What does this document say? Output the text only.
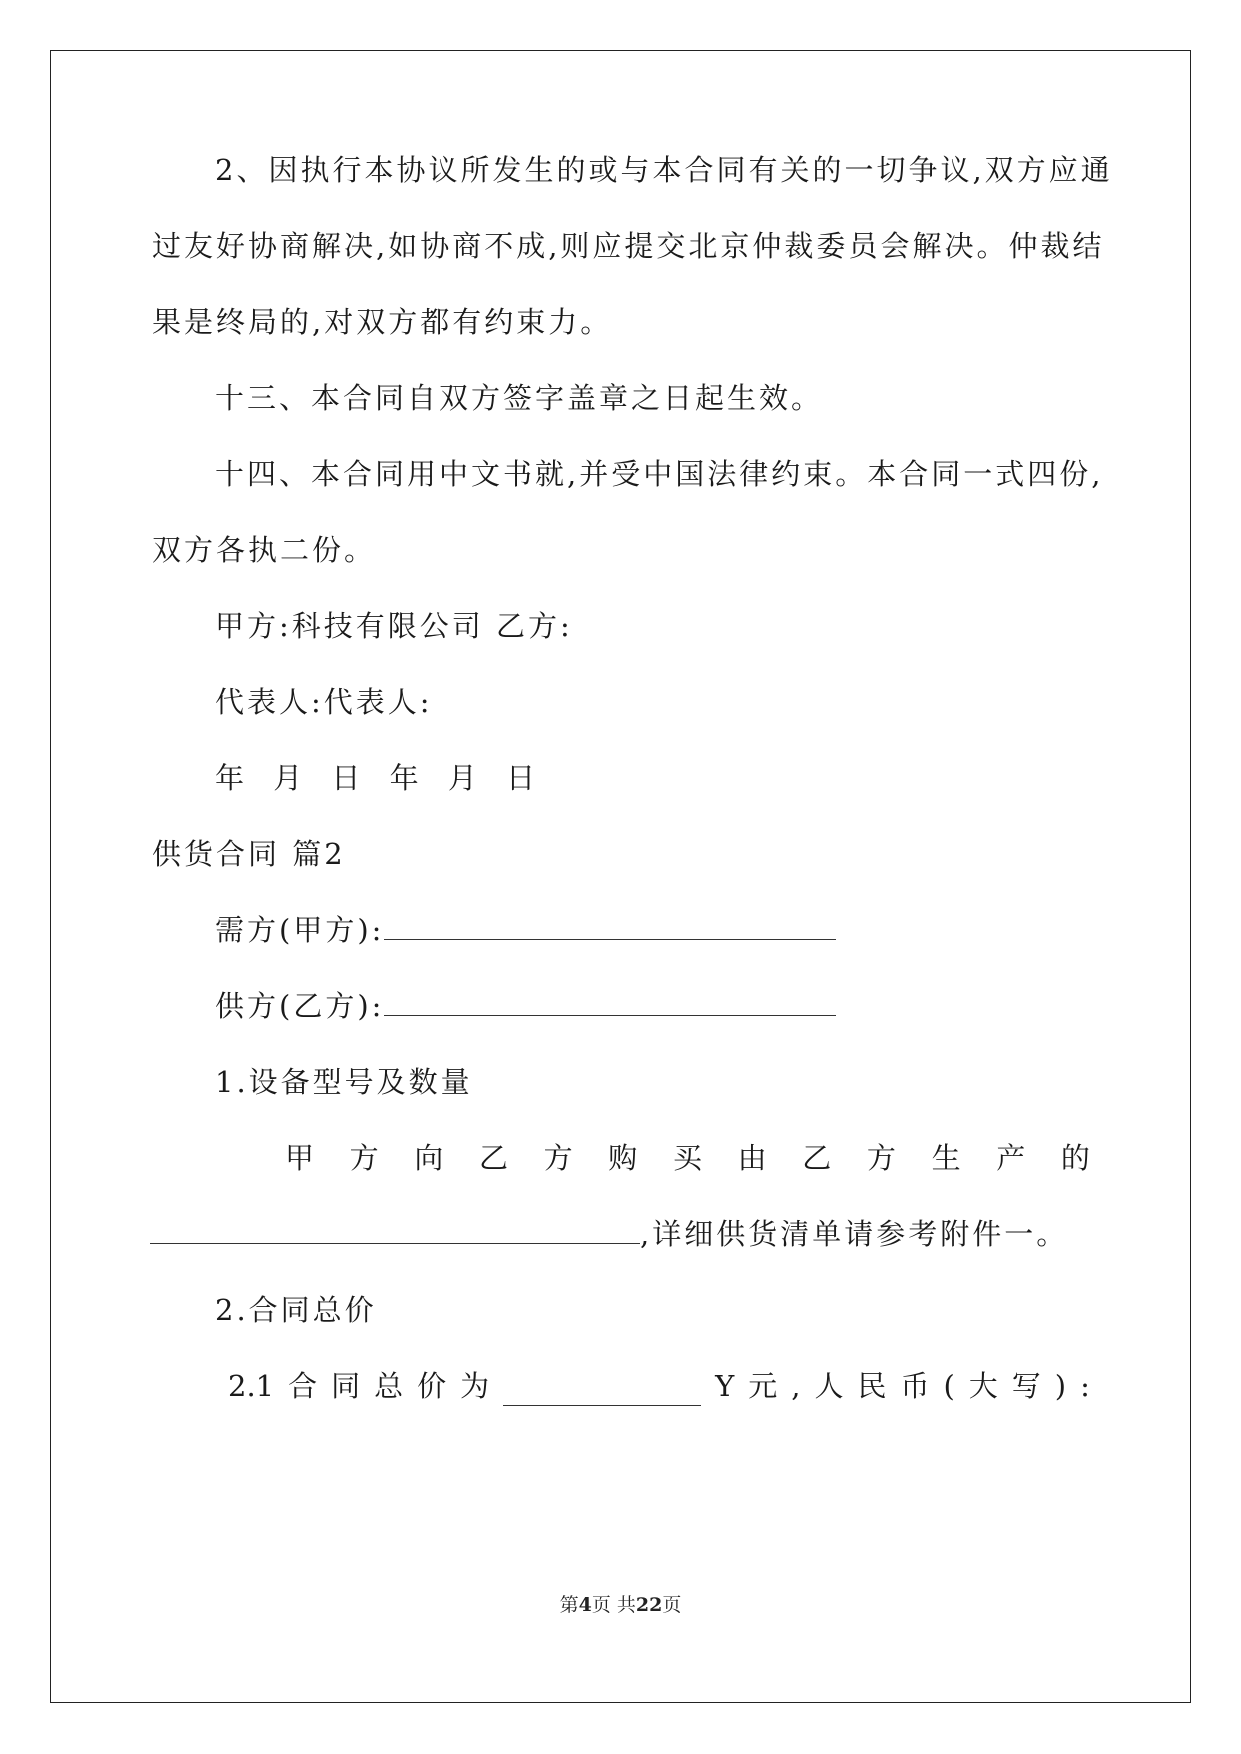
2、因执行本协议所发生的或与本合同有关的一切争议,双方应通
过友好协商解决,如协商不成,则应提交北京仲裁委员会解决。仲裁结
果是终局的,对双方都有约束力。
十三、本合同自双方签字盖章之日起生效。
十四、本合同用中文书就,并受中国法律约束。本合同一式四份,
双方各执二份。
甲方:科技有限公司 乙方:
代表人:代表人:
年 月 日 年 月 日
供货合同 篇2
需方(甲方):
供方(乙方):
1.设备型号及数量
甲 方 向 乙 方 购 买 由 乙 方 生 产 的
,详细供货清单请参考附件一。
2.合同总价
2.1 合 同 总 价 为	Y 元 , 人 民 币 ( 大 写 ) :
第4页 共22页
